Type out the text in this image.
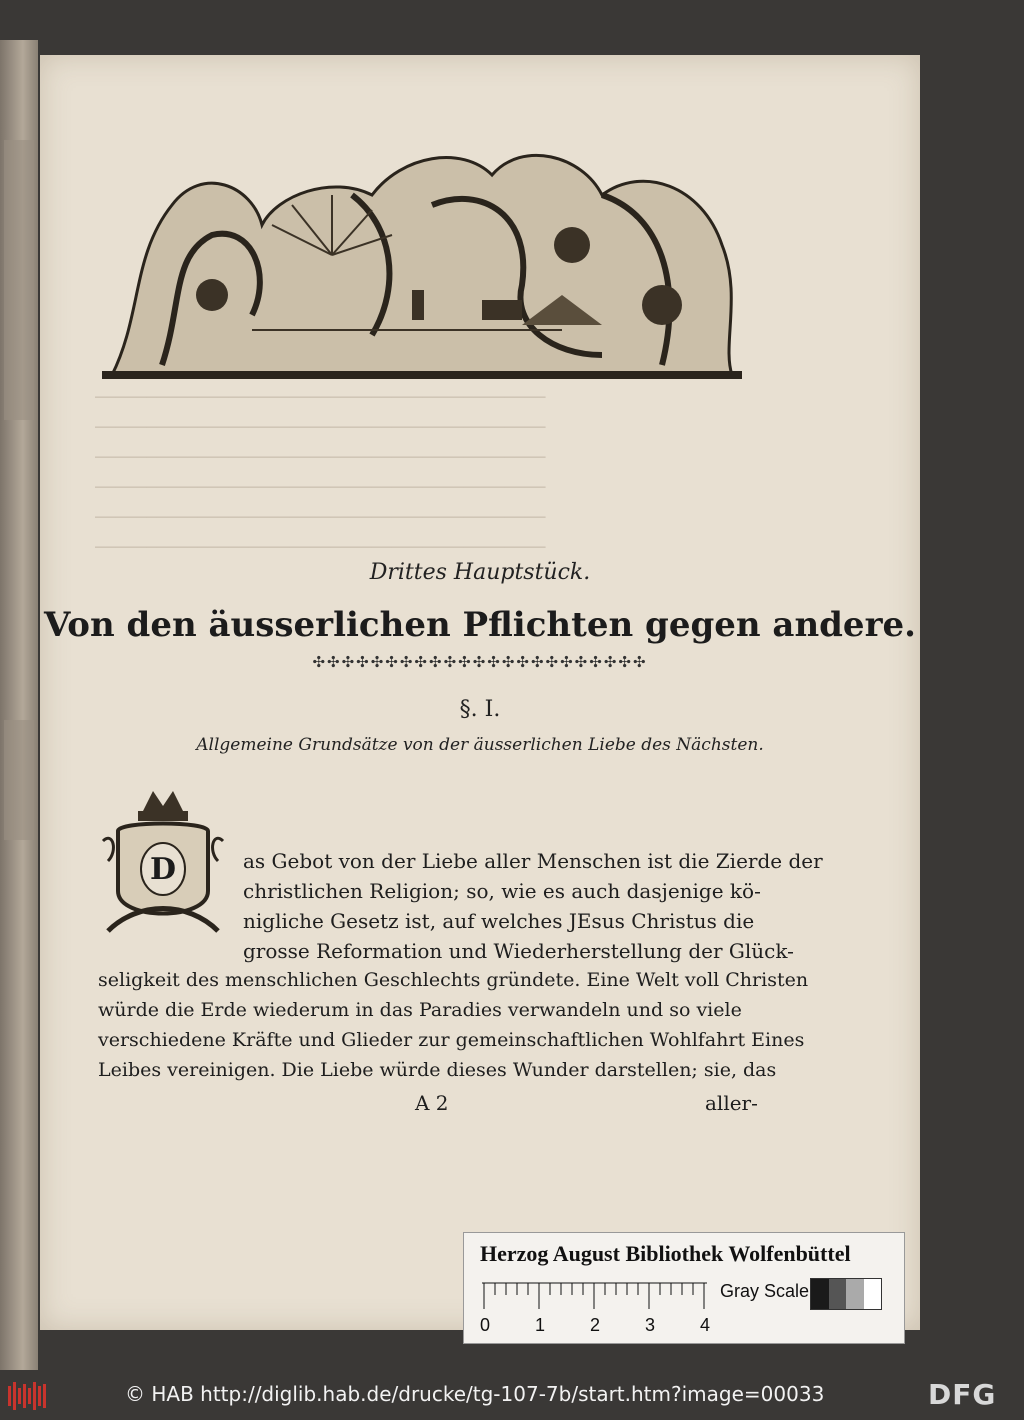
────────────────────────────────────────────
────────────────────────────────────────────
────────────────────────────────────────────
────────────────────────────────────────────
────────────────────────────────────────────
────────────────────────────────────────────
Drittes Hauptstück.
Von den äusserlichen Pflichten gegen andere.
✣✣✣✣✣✣✣✣✣✣✣✣✣✣✣✣✣✣✣✣✣✣✣
§. I.
Allgemeine Grundsätze von der äusserlichen Liebe des Nächsten.
D	as Gebot von der Liebe aller Menschen ist die Zierde der
christlichen Religion; so, wie es auch dasjenige kö-
nigliche Gesetz ist, auf welches JEsus Christus die
grosse Reformation und Wiederherstellung der Glück-
seligkeit des menschlichen Geschlechts gründete. Eine Welt voll Christen
würde die Erde wiederum in das Paradies verwandeln und so viele
verschiedene Kräfte und Glieder zur gemeinschaftlichen Wohlfahrt Eines
Leibes vereinigen. Die Liebe würde dieses Wunder darstellen; sie, das
A 2	aller-
Herzog August Bibliothek Wolfenbüttel
0 1 2 3 4
Gray Scale
© HAB http://diglib.hab.de/drucke/tg-107-7b/start.htm?image=00033	DFG
